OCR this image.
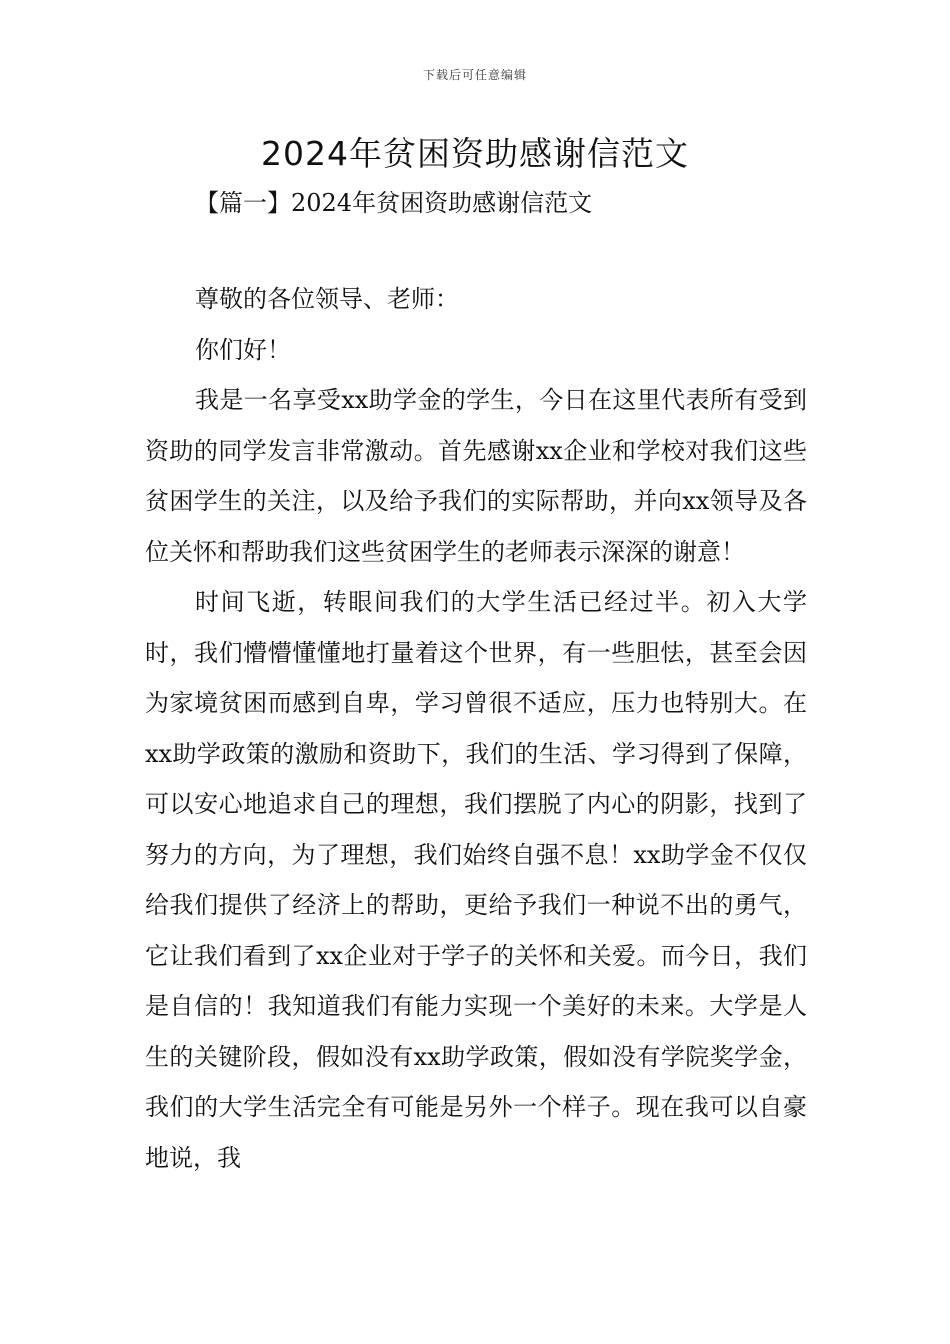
下载后可任意编辑
2024年贫困资助感谢信范文
【篇一】2024年贫困资助感谢信范文

尊敬的各位领导、老师：

你们好！

我是一名享受xx助学金的学生，今日在这里代表所有受到资助的同学发言非常激动。首先感谢xx企业和学校对我们这些贫困学生的关注，以及给予我们的实际帮助，并向xx领导及各位关怀和帮助我们这些贫困学生的老师表示深深的谢意！

时间飞逝，转眼间我们的大学生活已经过半。初入大学时，我们懵懵懂懂地打量着这个世界，有一些胆怯，甚至会因为家境贫困而感到自卑，学习曾很不适应，压力也特别大。在xx助学政策的激励和资助下，我们的生活、学习得到了保障，可以安心地追求自己的理想，我们摆脱了内心的阴影，找到了努力的方向，为了理想，我们始终自强不息！xx助学金不仅仅给我们提供了经济上的帮助，更给予我们一种说不出的勇气，它让我们看到了xx企业对于学子的关怀和关爱。而今日，我们是自信的！我知道我们有能力实现一个美好的未来。大学是人生的关键阶段，假如没有xx助学政策，假如没有学院奖学金，我们的大学生活完全有可能是另外一个样子。现在我可以自豪地说，我
